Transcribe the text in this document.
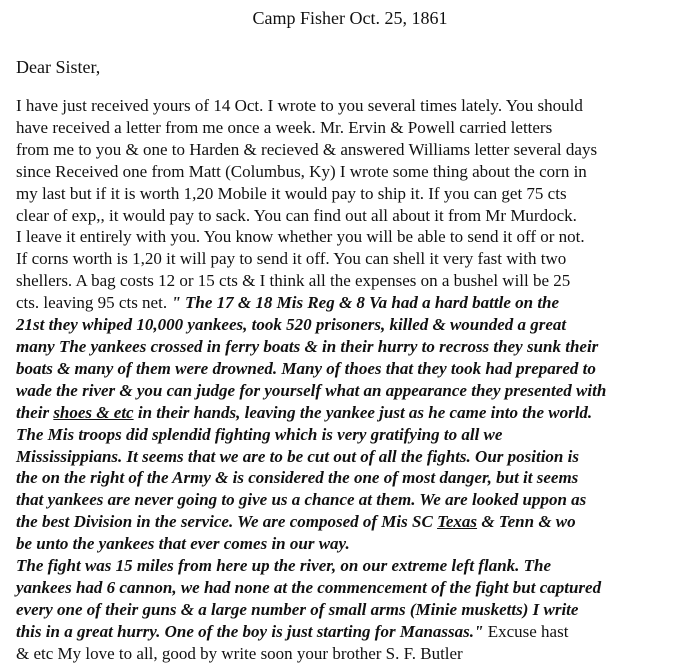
Camp Fisher Oct. 25, 1861
Dear Sister,
I have just received yours of 14 Oct. I wrote to you several times lately. You should
have received a letter from me once a week. Mr. Ervin & Powell carried letters
from me to you & one to Harden & recieved & answered Williams letter several days
since Received one from Matt (Columbus, Ky) I wrote some thing about the corn in
my last but if it is worth 1,20 Mobile it would pay to ship it. If you can get 75 cts
clear of exp,, it would pay to sack. You can find out all about it from Mr Murdock.
I leave it entirely with you. You know whether you will be able to send it off or not.
If corns worth is 1,20 it will pay to send it off. You can shell it very fast with two
shellers. A bag costs 12 or 15 cts & I think all the expenses on a bushel will be 25
cts. leaving 95 cts net. " The 17 & 18 Mis Reg & 8 Va had a hard battle on the
21st they whiped 10,000 yankees, took 520 prisoners, killed & wounded a great
many The yankees crossed in ferry boats & in their hurry to recross they sunk their
boats & many of them were drowned. Many of thoes that they took had prepared to
wade the river & you can judge for yourself what an appearance they presented with
their shoes & etc in their hands, leaving the yankee just as he came into the world.
The Mis troops did splendid fighting which is very gratifying to all we
Mississippians. It seems that we are to be cut out of all the fights. Our position is
the on the right of the Army & is considered the one of most danger, but it seems
that yankees are never going to give us a chance at them. We are looked uppon as
the best Division in the service. We are composed of Mis SC Texas & Tenn & wo
be unto the yankees that ever comes in our way.
The fight was 15 miles from here up the river, on our extreme left flank. The
yankees had 6 cannon, we had none at the commencement of the fight but captured
every one of their guns & a large number of small arms (Minie musketts) I write
this in a great hurry. One of the boy is just starting for Manassas." Excuse hast
& etc My love to all, good by write soon your brother S. F. Butler
